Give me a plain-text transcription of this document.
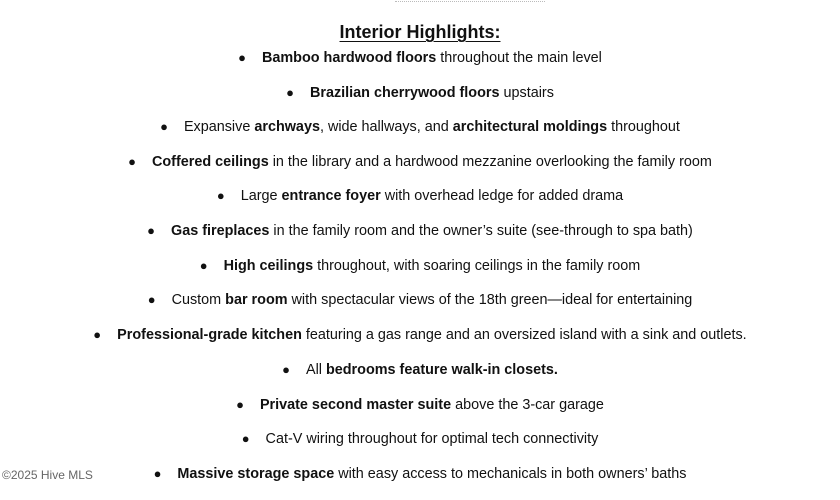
Interior Highlights:
● Bamboo hardwood floors throughout the main level
● Brazilian cherrywood floors upstairs
● Expansive archways, wide hallways, and architectural moldings throughout
● Coffered ceilings in the library and a hardwood mezzanine overlooking the family room
● Large entrance foyer with overhead ledge for added drama
● Gas fireplaces in the family room and the owner’s suite (see-through to spa bath)
● High ceilings throughout, with soaring ceilings in the family room
● Custom bar room with spectacular views of the 18th green—ideal for entertaining
● Professional-grade kitchen featuring a gas range and an oversized island with a sink and outlets.
● All bedrooms feature walk-in closets.
● Private second master suite above the 3-car garage
● Cat-V wiring throughout for optimal tech connectivity
● Massive storage space with easy access to mechanicals in both owners’ baths
©2025 Hive MLS
